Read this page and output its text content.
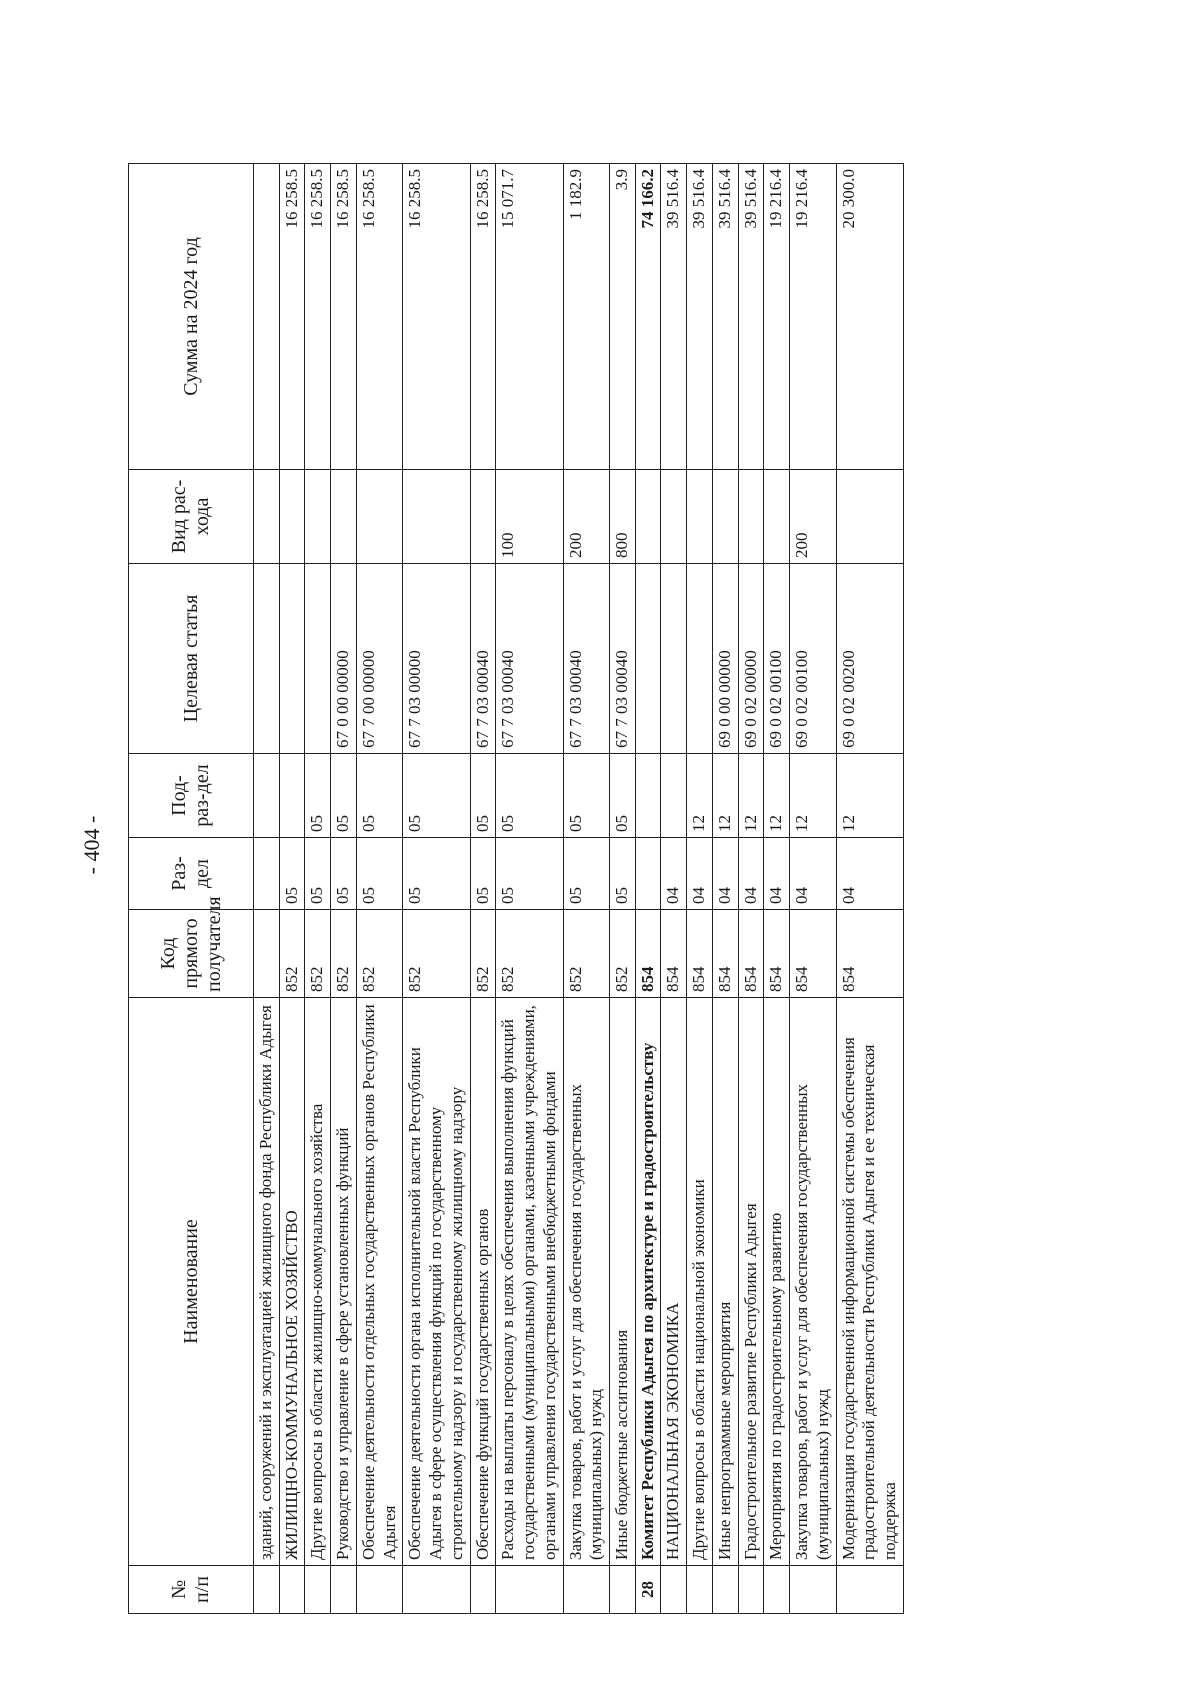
- 404 -
№ п/п	Наименование	Код прямого получателя	Раз-дел	Под-раз-дел	Целевая статья	Вид рас-хода	Сумма на 2024 год
	зданий, сооружений и эксплуатацией жилищного фонда Республики Адыгея						
	ЖИЛИЩНО-КОММУНАЛЬНОЕ ХОЗЯЙСТВО	852	05				16 258.5
	Другие вопросы в области жилищно-коммунального хозяйства	852	05	05			16 258.5
	Руководство и управление в сфере установленных функций	852	05	05	67 0 00 00000		16 258.5
	Обеспечение деятельности отдельных государственных органов Республики Адыгея	852	05	05	67 7 00 00000		16 258.5
	Обеспечение деятельности органа исполнительной власти Республики Адыгея в сфере осуществления функций по государственному строительному надзору и государственному жилищному надзору	852	05	05	67 7 03 00000		16 258.5
	Обеспечение функций государственных органов	852	05	05	67 7 03 00040		16 258.5
	Расходы на выплаты персоналу в целях обеспечения выполнения функций государственными (муниципальными) органами, казенными учреждениями, органами управления государственными внебюджетными фондами	852	05	05	67 7 03 00040	100	15 071.7
	Закупка товаров, работ и услуг для обеспечения государственных (муниципальных) нужд	852	05	05	67 7 03 00040	200	1 182.9
	Иные бюджетные ассигнования	852	05	05	67 7 03 00040	800	3.9
28	Комитет Республики Адыгея по архитектуре и градостроительству	854					74 166.2
	НАЦИОНАЛЬНАЯ ЭКОНОМИКА	854	04				39 516.4
	Другие вопросы в области национальной экономики	854	04	12			39 516.4
	Иные непрограммные мероприятия	854	04	12	69 0 00 00000		39 516.4
	Градостроительное развитие Республики Адыгея	854	04	12	69 0 02 00000		39 516.4
	Мероприятия по градостроительному развитию	854	04	12	69 0 02 00100		19 216.4
	Закупка товаров, работ и услуг для обеспечения государственных (муниципальных) нужд	854	04	12	69 0 02 00100	200	19 216.4
	Модернизация государственной информационной системы обеспечения градостроительной деятельности Республики Адыгея и ее техническая поддержка	854	04	12	69 0 02 00200		20 300.0
